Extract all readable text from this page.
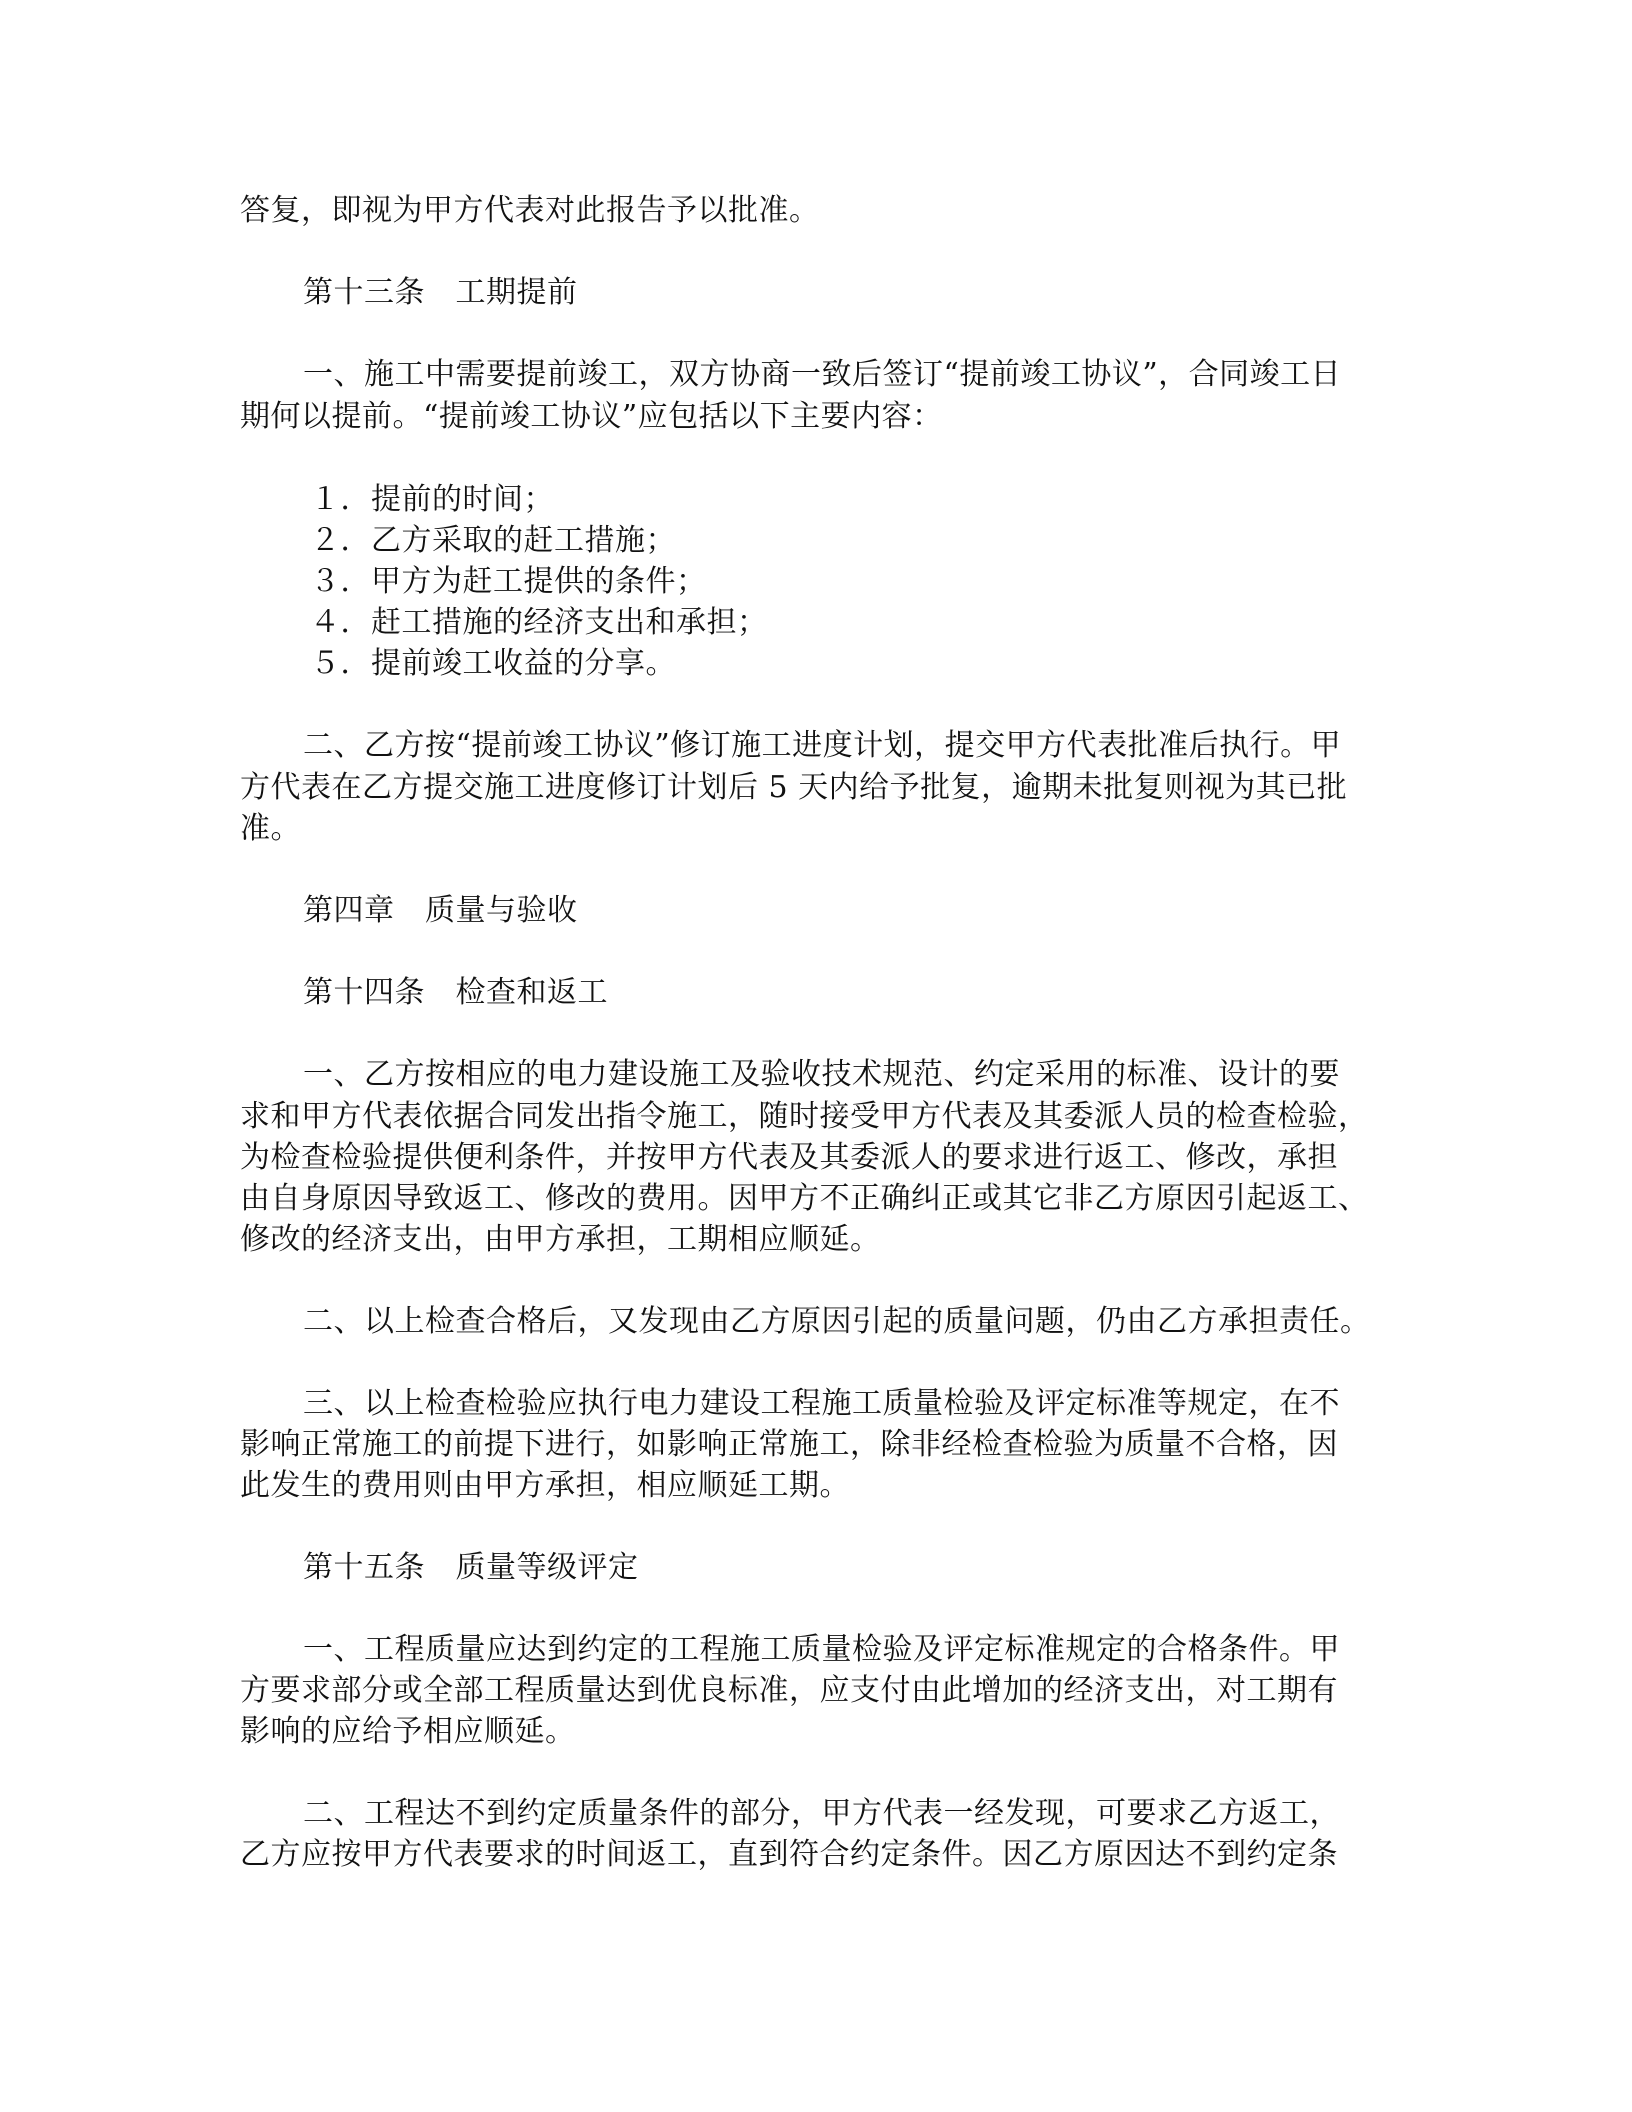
答复，即视为甲方代表对此报告予以批准。
第十三条　工期提前
一、施工中需要提前竣工，双方协商一致后签订“提前竣工协议”，合同竣工日
期何以提前。“提前竣工协议”应包括以下主要内容：
１．提前的时间；
２．乙方采取的赶工措施；
３．甲方为赶工提供的条件；
４．赶工措施的经济支出和承担；
５．提前竣工收益的分享。
二、乙方按“提前竣工协议”修订施工进度计划，提交甲方代表批准后执行。甲
方代表在乙方提交施工进度修订计划后 5 天内给予批复，逾期未批复则视为其已批
准。
第四章　质量与验收
第十四条　检查和返工
一、乙方按相应的电力建设施工及验收技术规范、约定采用的标准、设计的要
求和甲方代表依据合同发出指令施工，随时接受甲方代表及其委派人员的检查检验，
为检查检验提供便利条件，并按甲方代表及其委派人的要求进行返工、修改，承担
由自身原因导致返工、修改的费用。因甲方不正确纠正或其它非乙方原因引起返工、
修改的经济支出，由甲方承担，工期相应顺延。
二、以上检查合格后，又发现由乙方原因引起的质量问题，仍由乙方承担责任。
三、以上检查检验应执行电力建设工程施工质量检验及评定标准等规定，在不
影响正常施工的前提下进行，如影响正常施工，除非经检查检验为质量不合格，因
此发生的费用则由甲方承担，相应顺延工期。
第十五条　质量等级评定
一、工程质量应达到约定的工程施工质量检验及评定标准规定的合格条件。甲
方要求部分或全部工程质量达到优良标准，应支付由此增加的经济支出，对工期有
影响的应给予相应顺延。
二、工程达不到约定质量条件的部分，甲方代表一经发现，可要求乙方返工，
乙方应按甲方代表要求的时间返工，直到符合约定条件。因乙方原因达不到约定条
